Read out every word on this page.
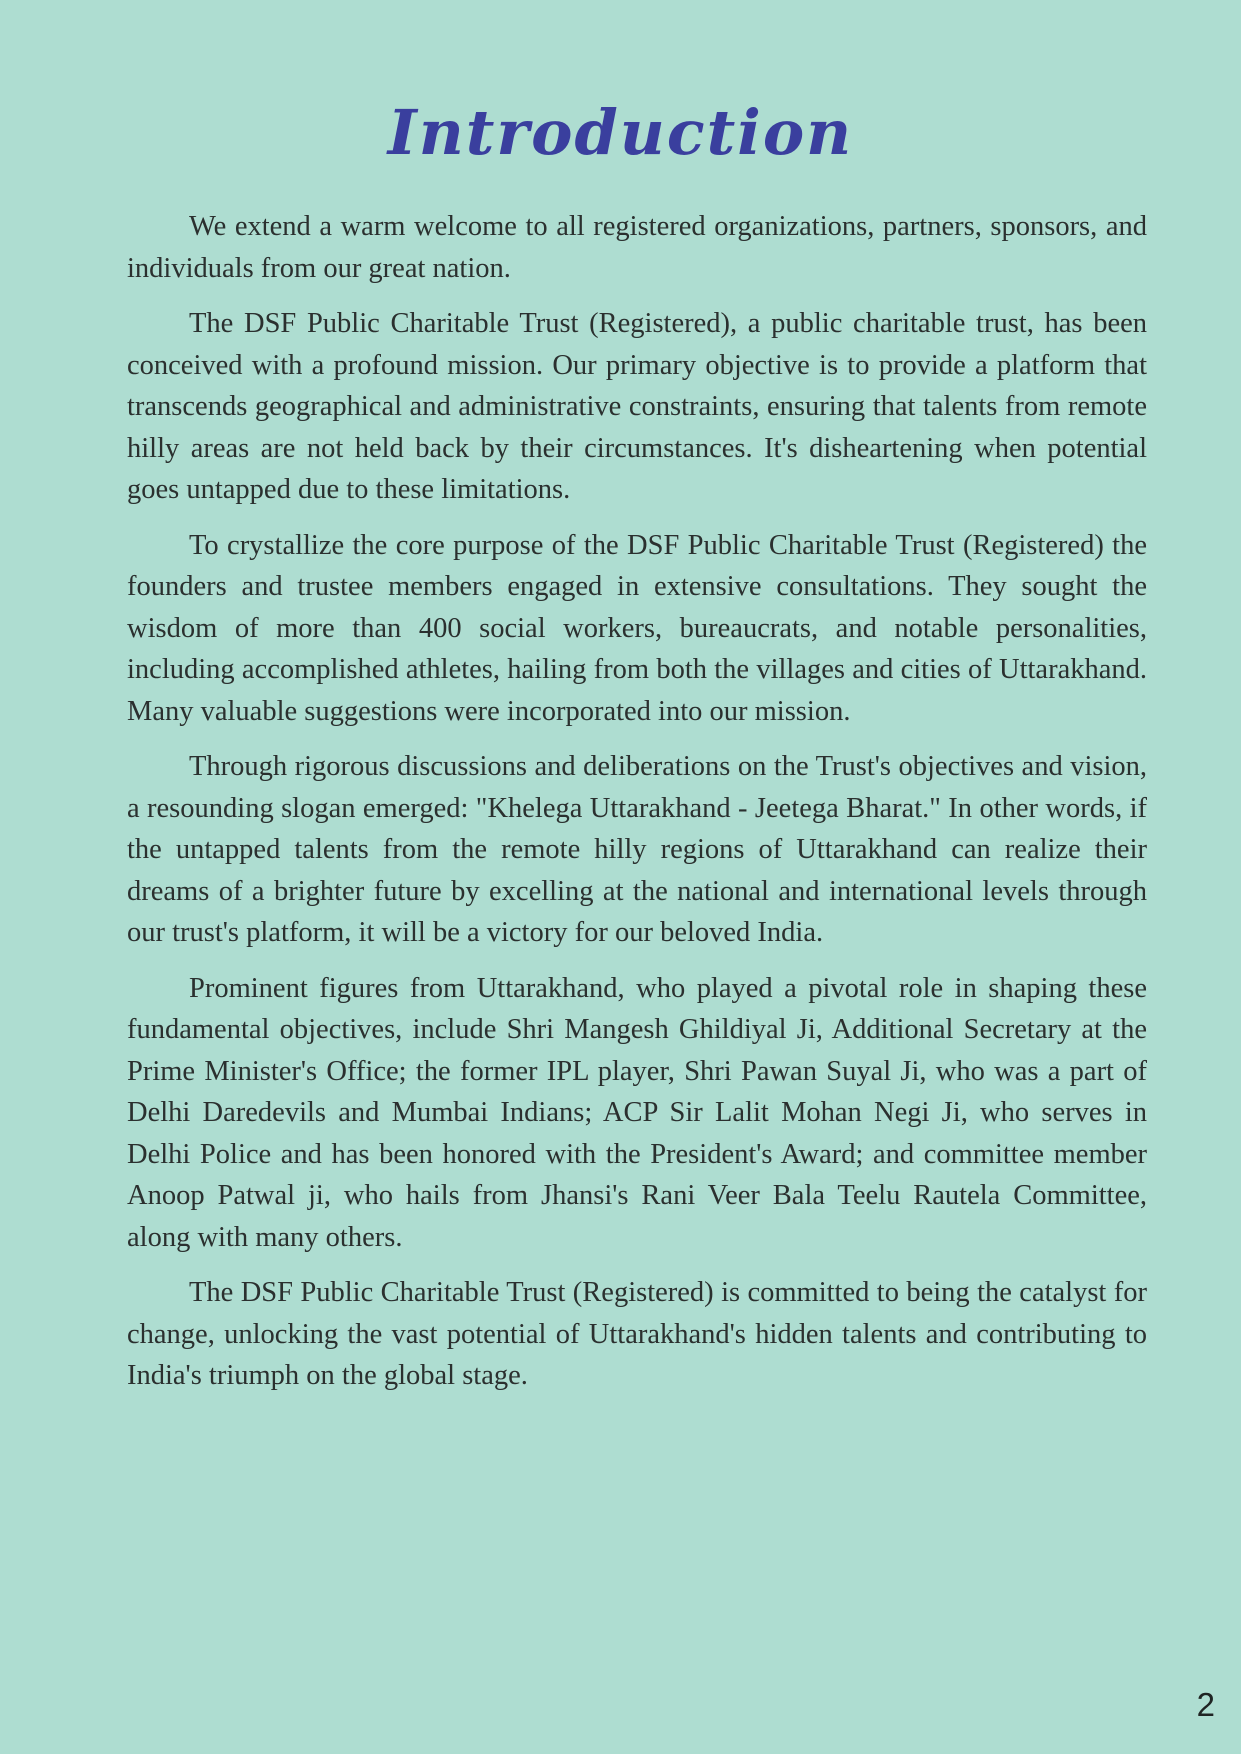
Introduction

We extend a warm welcome to all registered organizations, partners, sponsors, and individuals from our great nation.

The DSF Public Charitable Trust (Registered), a public charitable trust, has been conceived with a profound mission. Our primary objective is to provide a platform that transcends geographical and administrative constraints, ensuring that talents from remote hilly areas are not held back by their circumstances. It's disheartening when potential goes untapped due to these limitations.

To crystallize the core purpose of the DSF Public Charitable Trust (Registered) the founders and trustee members engaged in extensive consultations. They sought the wisdom of more than 400 social workers, bureaucrats, and notable personalities, including accomplished athletes, hailing from both the villages and cities of Uttarakhand. Many valuable suggestions were incorporated into our mission.

Through rigorous discussions and deliberations on the Trust's objectives and vision, a resounding slogan emerged: "Khelega Uttarakhand - Jeetega Bharat." In other words, if the untapped talents from the remote hilly regions of Uttarakhand can realize their dreams of a brighter future by excelling at the national and international levels through our trust's platform, it will be a victory for our beloved India.

Prominent figures from Uttarakhand, who played a pivotal role in shaping these fundamental objectives, include Shri Mangesh Ghildiyal Ji, Additional Secretary at the Prime Minister's Office; the former IPL player, Shri Pawan Suyal Ji, who was a part of Delhi Daredevils and Mumbai Indians; ACP Sir Lalit Mohan Negi Ji, who serves in Delhi Police and has been honored with the President's Award; and committee member Anoop Patwal ji, who hails from Jhansi's Rani Veer Bala Teelu Rautela Committee, along with many others.

The DSF Public Charitable Trust (Registered) is committed to being the catalyst for change, unlocking the vast potential of Uttarakhand's hidden talents and contributing to India's triumph on the global stage.

2
